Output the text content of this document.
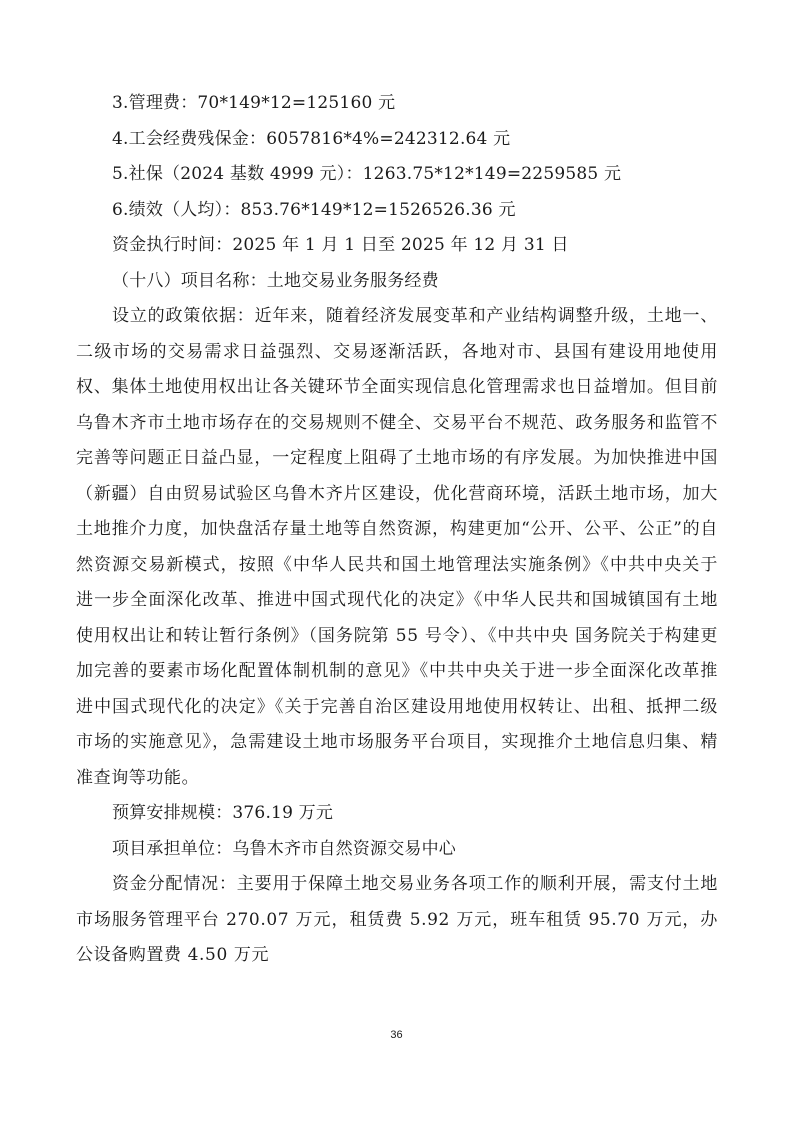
3.管理费：70*149*12=125160 元
4.工会经费残保金：6057816*4%=242312.64 元
5.社保（2024 基数 4999 元）：1263.75*12*149=2259585 元
6.绩效（人均）：853.76*149*12=1526526.36 元
资金执行时间：2025 年 1 月 1 日至 2025 年 12 月 31 日
（十八）项目名称：土地交易业务服务经费

设立的政策依据：近年来，随着经济发展变革和产业结构调整升级，土地一、二级市场的交易需求日益强烈、交易逐渐活跃，各地对市、县国有建设用地使用权、集体土地使用权出让各关键环节全面实现信息化管理需求也日益增加。但目前乌鲁木齐市土地市场存在的交易规则不健全、交易平台不规范、政务服务和监管不完善等问题正日益凸显，一定程度上阻碍了土地市场的有序发展。为加快推进中国（新疆）自由贸易试验区乌鲁木齐片区建设，优化营商环境，活跃土地市场，加大土地推介力度，加快盘活存量土地等自然资源，构建更加“公开、公平、公正”的自然资源交易新模式，按照《中华人民共和国土地管理法实施条例》《中共中央关于进一步全面深化改革、推进中国式现代化的决定》《中华人民共和国城镇国有土地使用权出让和转让暂行条例》（国务院第 55 号令）、《中共中央 国务院关于构建更加完善的要素市场化配置体制机制的意见》《中共中央关于进一步全面深化改革推进中国式现代化的决定》《关于完善自治区建设用地使用权转让、出租、抵押二级市场的实施意见》，急需建设土地市场服务平台项目，实现推介土地信息归集、精准查询等功能。

预算安排规模：376.19 万元
项目承担单位：乌鲁木齐市自然资源交易中心

资金分配情况：主要用于保障土地交易业务各项工作的顺利开展，需支付土地市场服务管理平台 270.07 万元，租赁费 5.92 万元，班车租赁 95.70 万元，办公设备购置费 4.50 万元

36
